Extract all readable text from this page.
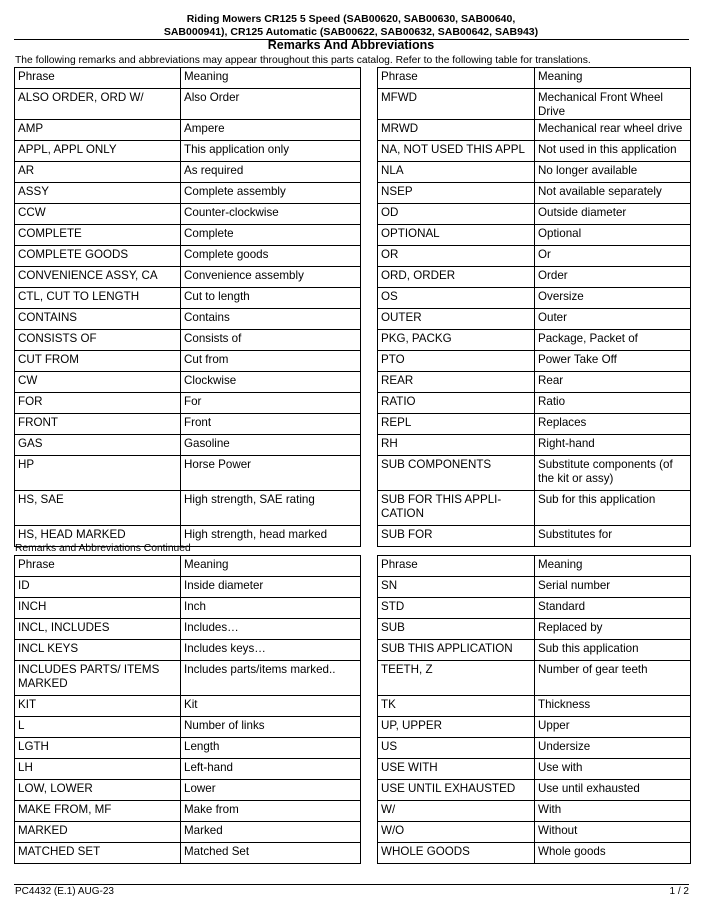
Riding Mowers CR125 5 Speed (SAB00620, SAB00630, SAB00640,
SAB000941), CR125 Automatic (SAB00622, SAB00632, SAB00642, SAB943)
Remarks And Abbreviations
The following remarks and abbreviations may appear throughout this parts catalog. Refer to the following table for translations.
Phrase	Meaning		Phrase	Meaning
ALSO ORDER, ORD W/	Also Order		MFWD	Mechanical Front Wheel Drive
AMP	Ampere		MRWD	Mechanical rear wheel drive
APPL, APPL ONLY	This application only		NA, NOT USED THIS APPL	Not used in this application
AR	As required		NLA	No longer available
ASSY	Complete assembly		NSEP	Not available separately
CCW	Counter-clockwise		OD	Outside diameter
COMPLETE	Complete		OPTIONAL	Optional
COMPLETE GOODS	Complete goods		OR	Or
CONVENIENCE ASSY, CA	Convenience assembly		ORD, ORDER	Order
CTL, CUT TO LENGTH	Cut to length		OS	Oversize
CONTAINS	Contains		OUTER	Outer
CONSISTS OF	Consists of		PKG, PACKG	Package, Packet of
CUT FROM	Cut from		PTO	Power Take Off
CW	Clockwise		REAR	Rear
FOR	For		RATIO	Ratio
FRONT	Front		REPL	Replaces
GAS	Gasoline		RH	Right-hand
HP	Horse Power		SUB COMPONENTS	Substitute components (of the kit or assy)
HS, SAE	High strength, SAE rating		SUB FOR THIS APPLI-CATION	Sub for this application
HS, HEAD MARKED	High strength, head marked		SUB FOR	Substitutes for
Remarks and Abbreviations Continued
Phrase	Meaning		Phrase	Meaning
ID	Inside diameter		SN	Serial number
INCH	Inch		STD	Standard
INCL, INCLUDES	Includes…		SUB	Replaced by
INCL KEYS	Includes keys…		SUB THIS APPLICATION	Sub this application
INCLUDES PARTS/ ITEMS MARKED	Includes parts/items marked..		TEETH, Z	Number of gear teeth
KIT	Kit		TK	Thickness
L	Number of links		UP, UPPER	Upper
LGTH	Length		US	Undersize
LH	Left-hand		USE WITH	Use with
LOW, LOWER	Lower		USE UNTIL EXHAUSTED	Use until exhausted
MAKE FROM, MF	Make from		W/	With
MARKED	Marked		W/O	Without
MATCHED SET	Matched Set		WHOLE GOODS	Whole goods
PC4432 (E.1) AUG-23	1 / 2
